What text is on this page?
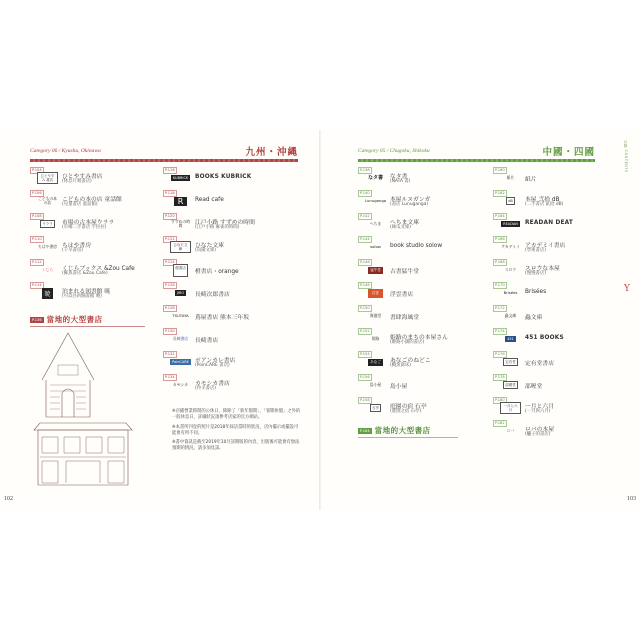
Category 06 / Kyushu, Okinawa	九州・沖縄
P.104
ひとやすみ 書店	ひとやすみ書店
(休息片刻書店)
P.106
こどもの本の店	こどもの本の店 童話館
(兒童書店 童話館)
P.108
ウララ	市場の古本屋ウララ
(市場二手書店 宇拉拉)
P.110
ちはや書房 ちはや書房
(千早書房)
P.112
くじら くじらブックス &Zou Cafe
(鯨魚書店 &Zou Cafe)
P.114
暁	泊まれる図書館 暁
(可以住的圖書館 曉)
P.136 當地的大型書店
P.116
KUBRICK	BOOKS KUBRICK
P.118
R	Read cafe
P.120
すずめの時間	江戸小路 すずめの時間
(江戶小路 麻雀的時間)
P.122
ひなた文庫	ひなた文庫
(向陽文庫)
P.124
橙書店
橙書店・orange
P.126
JIRO	長崎次郎書店
P.128
TSUTAYA 蔦屋書店 熊本三年坂
P.130
長崎書店 長崎書店
P.132
PoinCARE	ポアンカレ書店
(PoinCARE 書店)
P.134
カモシカ カモシカ書店
(羚羊書店)

※店鋪營業時間的公休日，除除了「新年假期」、「暑期休假」之外的一般休息日，詳細狀況請參考店家的官方網站。

※本書所刊登的照片是2018年採訪當時的狀況，店內擺示或擺設可能會有所不同。

※書中資訊是截至2019年10月該期版的內容，出版後可能會有無法預期的情況，請多加見諒。

102
Category 05 / Chugoku, Shikoku	中國・四國	目錄 CONTENTS
Y
P.138
なタ書 なタ書
(NATA 書)
P.140
Lunuganga 本屋ルヌガンガ
(書店 Lunuganga)
P.142
へちま へちま文庫
(絲瓜文庫)
P.144
solow book studio solow
P.146
猛牛堂	古書猛牛堂
P.148
浮雲	浮雲書店
P.150
海風堂 書肆海風堂
P.152
姫路 姫路のまちの本屋さん
(姬路小鎮的書店)
P.154
あなご	あなごのねどこ
(鰻魚窩床)
P.156
島小屋 島小屋
P.158
石亭	庭園の宿 石亭
(庭園之宿 石亭)
P.184 當地的大型書店
P.160
紙片 紙片
P.162
dB	本屋 弐拾 dB
(二手書店 貳拾 dB)
P.164
READAN	READAN DEAT
P.166
アカデミイ アカデミイ書店
(學術書店)
P.168
スロウ スロウな本屋
(慢慢書店)
P.170
Brisées Brisées
P.172
蟲文庫 蟲文庫
P.174
451	451 BOOKS
P.176
定有堂	定有堂書店
P.178
邵喔堂	邵喔堂
P.180
一月と六月	一月と六月
(一月與六月)
P.182
ロバ ロバの本屋
(驢子的書店)
103
